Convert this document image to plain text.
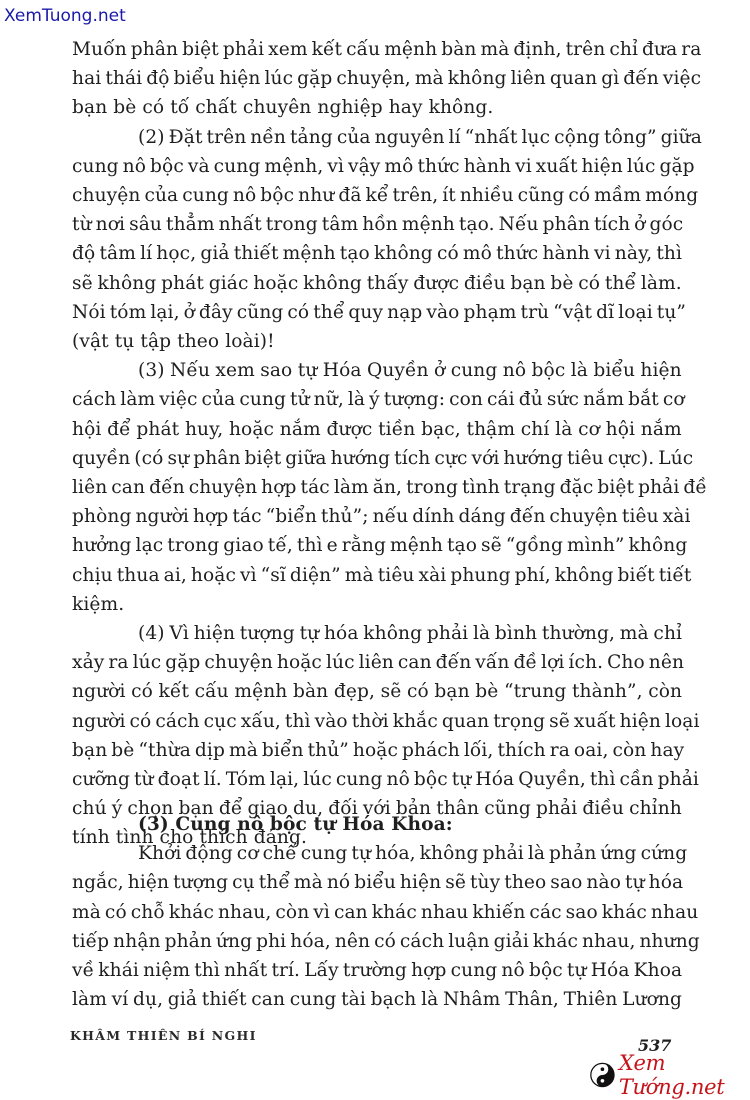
XemTuong.net
Muốn phân biệt phải xem kết cấu mệnh bàn mà định, trên chỉ đưa ra
hai thái độ biểu hiện lúc gặp chuyện, mà không liên quan gì đến việc
bạn bè có tố chất chuyên nghiệp hay không.
(2) Đặt trên nền tảng của nguyên lí “nhất lục cộng tông” giữa
cung nô bộc và cung mệnh, vì vậy mô thức hành vi xuất hiện lúc gặp
chuyện của cung nô bộc như đã kể trên, ít nhiều cũng có mầm móng
từ nơi sâu thẳm nhất trong tâm hồn mệnh tạo. Nếu phân tích ở góc
độ tâm lí học, giả thiết mệnh tạo không có mô thức hành vi này, thì
sẽ không phát giác hoặc không thấy được điều bạn bè có thể làm.
Nói tóm lại, ở đây cũng có thể quy nạp vào phạm trù “vật dĩ loại tụ”
(vật tụ tập theo loài)!
(3) Nếu xem sao tự Hóa Quyền ở cung nô bộc là biểu hiện
cách làm việc của cung tử nữ, là ý tượng: con cái đủ sức nắm bắt cơ
hội để phát huy, hoặc nắm được tiền bạc, thậm chí là cơ hội nắm
quyền (có sự phân biệt giữa hướng tích cực với hướng tiêu cực). Lúc
liên can đến chuyện hợp tác làm ăn, trong tình trạng đặc biệt phải đề
phòng người hợp tác “biển thủ”; nếu dính dáng đến chuyện tiêu xài
hưởng lạc trong giao tế, thì e rằng mệnh tạo sẽ “gồng mình” không
chịu thua ai, hoặc vì “sĩ diện” mà tiêu xài phung phí, không biết tiết
kiệm.
(4) Vì hiện tượng tự hóa không phải là bình thường, mà chỉ
xảy ra lúc gặp chuyện hoặc lúc liên can đến vấn đề lợi ích. Cho nên
người có kết cấu mệnh bàn đẹp, sẽ có bạn bè “trung thành”, còn
người có cách cục xấu, thì vào thời khắc quan trọng sẽ xuất hiện loại
bạn bè “thừa dịp mà biển thủ” hoặc phách lối, thích ra oai, còn hay
cưỡng từ đoạt lí. Tóm lại, lúc cung nô bộc tự Hóa Quyền, thì cần phải
chú ý chọn bạn để giao du, đối với bản thân cũng phải điều chỉnh
tính tình cho thích đáng.
(3) Cung nô bộc tự Hóa Khoa:
Khởi động cơ chế cung tự hóa, không phải là phản ứng cứng
ngắc, hiện tượng cụ thể mà nó biểu hiện sẽ tùy theo sao nào tự hóa
mà có chỗ khác nhau, còn vì can khác nhau khiến các sao khác nhau
tiếp nhận phản ứng phi hóa, nên có cách luận giải khác nhau, nhưng
về khái niệm thì nhất trí. Lấy trường hợp cung nô bộc tự Hóa Khoa
làm ví dụ, giả thiết can cung tài bạch là Nhâm Thân, Thiên Lương
KHÂM THIÊN BÍ NGHI
537
Xem Tướng.net
